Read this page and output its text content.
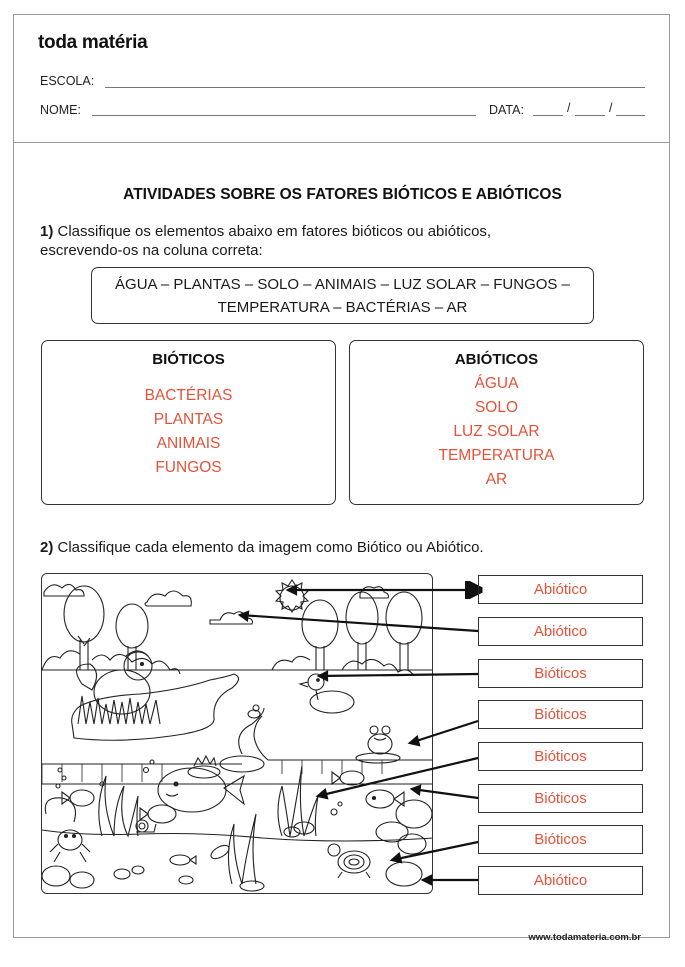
toda matéria
ESCOLA:
NOME:	DATA:	/	/
ATIVIDADES SOBRE OS FATORES BIÓTICOS E ABIÓTICOS
1) Classifique os elementos abaixo em fatores bióticos ou abióticos,
escrevendo-os na coluna correta:
ÁGUA – PLANTAS – SOLO – ANIMAIS – LUZ SOLAR – FUNGOS –
TEMPERATURA – BACTÉRIAS – AR
BIÓTICOS
BACTÉRIAS
PLANTAS
ANIMAIS
FUNGOS
ABIÓTICOS
ÁGUA
SOLO
LUZ SOLAR
TEMPERATURA
AR
2) Classifique cada elemento da imagem como Biótico ou Abiótico.
Abiótico
Abiótico
Bióticos
Bióticos
Bióticos
Bióticos
Bióticos
Abiótico
www.todamateria.com.br
